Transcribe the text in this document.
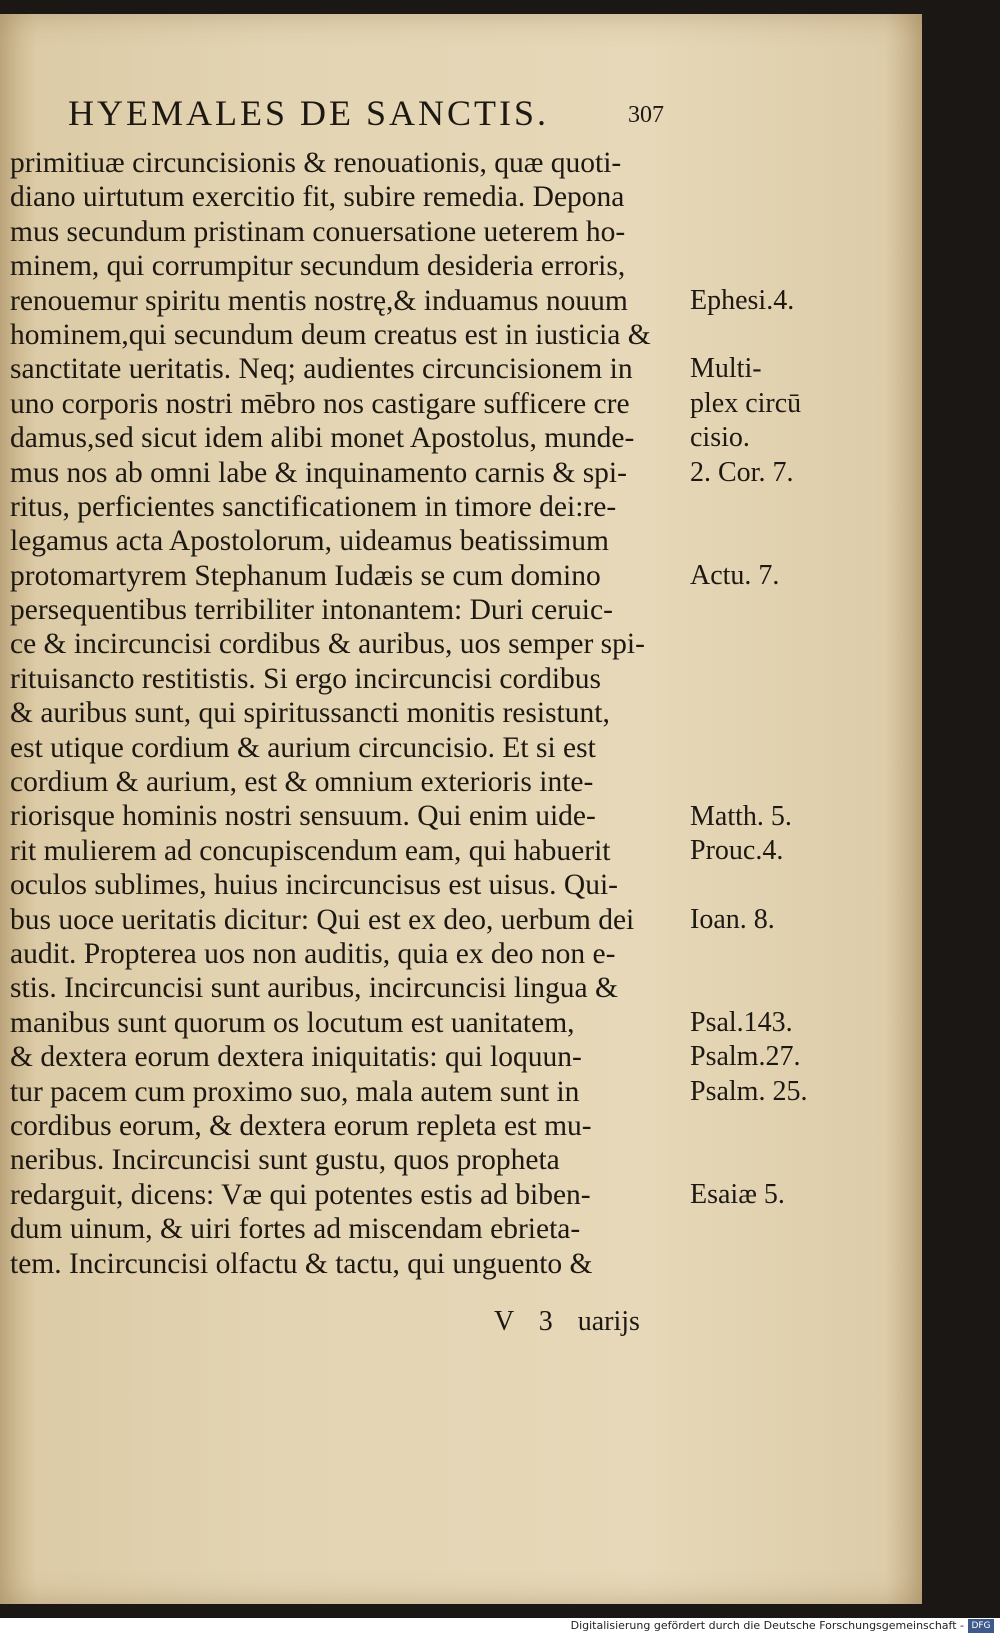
HYEMALES DE SANCTIS.	307
primitiuæ circuncisionis & renouationis, quæ quoti-
diano uirtutum exercitio fit, subire remedia. Depona
mus secundum pristinam conuersatione ueterem ho-
minem, qui corrumpitur secundum desideria erroris,
renouemur spiritu mentis nostrę,& induamus nouum
hominem,qui secundum deum creatus est in iusticia &
sanctitate ueritatis. Neq; audientes circuncisionem in
uno corporis nostri mēbro nos castigare sufficere cre
damus,sed sicut idem alibi monet Apostolus, munde-
mus nos ab omni labe & inquinamento carnis & spi-
ritus, perficientes sanctificationem in timore dei:re-
legamus acta Apostolorum, uideamus beatissimum
protomartyrem Stephanum Iudæis se cum domino
persequentibus terribiliter intonantem: Duri ceruic-
ce & incircuncisi cordibus & auribus, uos semper spi-
rituisancto restitistis. Si ergo incircuncisi cordibus
& auribus sunt, qui spiritussancti monitis resistunt,
est utique cordium & aurium circuncisio. Et si est
cordium & aurium, est & omnium exterioris inte-
riorisque hominis nostri sensuum. Qui enim uide-
rit mulierem ad concupiscendum eam, qui habuerit
oculos sublimes, huius incircuncisus est uisus. Qui-
bus uoce ueritatis dicitur: Qui est ex deo, uerbum dei
audit. Propterea uos non auditis, quia ex deo non e-
stis. Incircuncisi sunt auribus, incircuncisi lingua &
manibus sunt quorum os locutum est uanitatem,
& dextera eorum dextera iniquitatis: qui loquun-
tur pacem cum proximo suo, mala autem sunt in
cordibus eorum, & dextera eorum repleta est mu-
neribus. Incircuncisi sunt gustu, quos propheta
redarguit, dicens: Væ qui potentes estis ad biben-
dum uinum, & uiri fortes ad miscendam ebrieta-
tem. Incircuncisi olfactu & tactu, qui unguento &
Ephesi.4.
Multi-
plex circū
cisio.
2. Cor. 7.
Actu. 7.
Matth. 5.
Prouc.4.
Ioan. 8.
Psal.143.
Psalm.27.
Psalm. 25.
Esaiæ 5.
V 3 uarijs
Digitalisierung gefördert durch die Deutsche Forschungsgemeinschaft - DFG
